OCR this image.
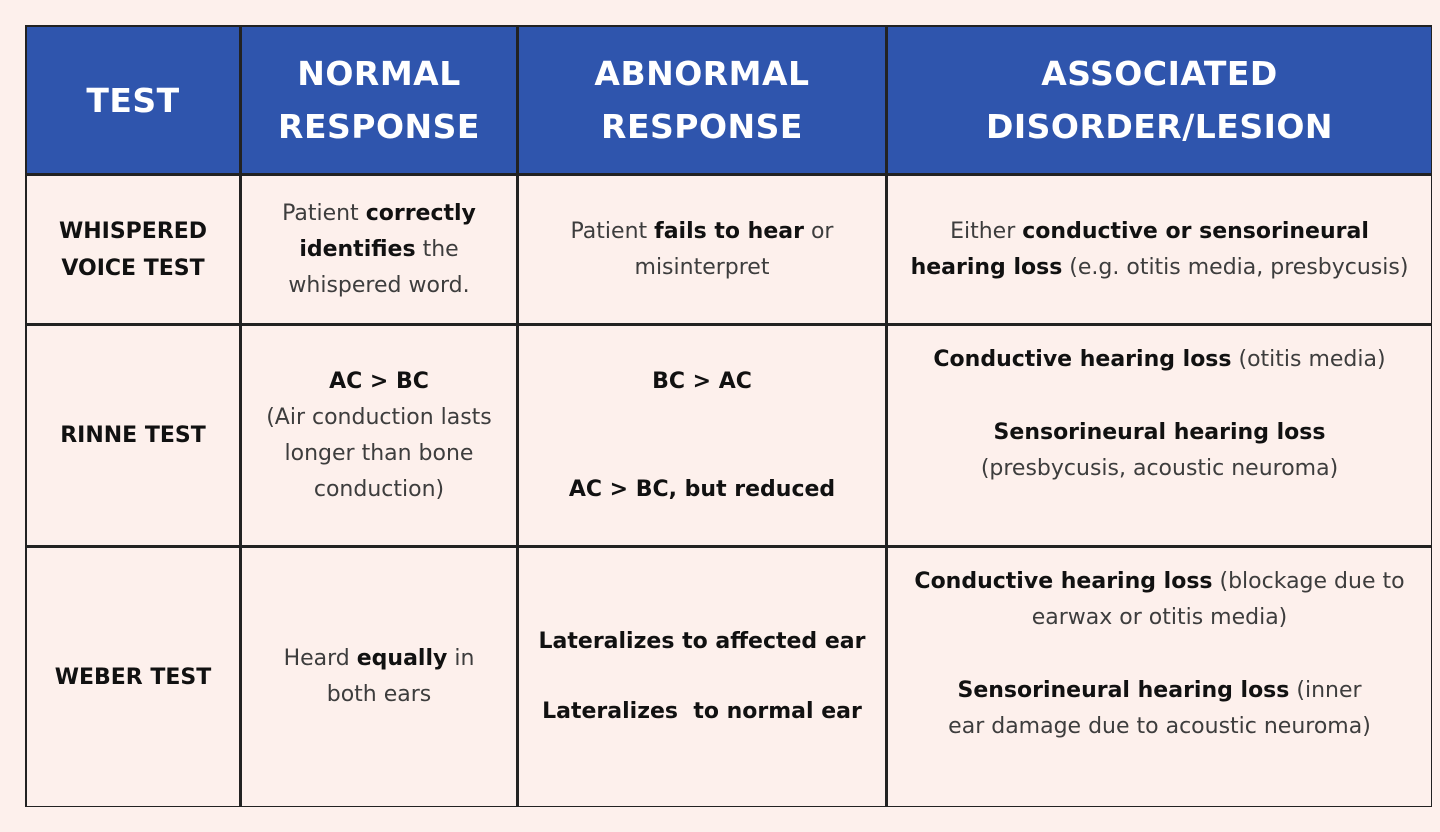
TEST
NORMAL
RESPONSE
ABNORMAL
RESPONSE
ASSOCIATED
DISORDER/LESION
WHISPERED
VOICE TEST
Patient correctly identifies the whispered word.
Patient fails to hear or misinterpret
Either conductive or sensorineural hearing loss (e.g. otitis media, presbycusis)
RINNE TEST
AC > BC
(Air conduction lasts longer than bone conduction)
BC > AC
AC > BC, but reduced
Conductive hearing loss (otitis media)
Sensorineural hearing loss (presbycusis, acoustic neuroma)
WEBER TEST
Heard equally in both ears
Lateralizes to affected ear
Lateralizes  to normal ear
Conductive hearing loss (blockage due to earwax or otitis media)
Sensorineural hearing loss (inner ear damage due to acoustic neuroma)
